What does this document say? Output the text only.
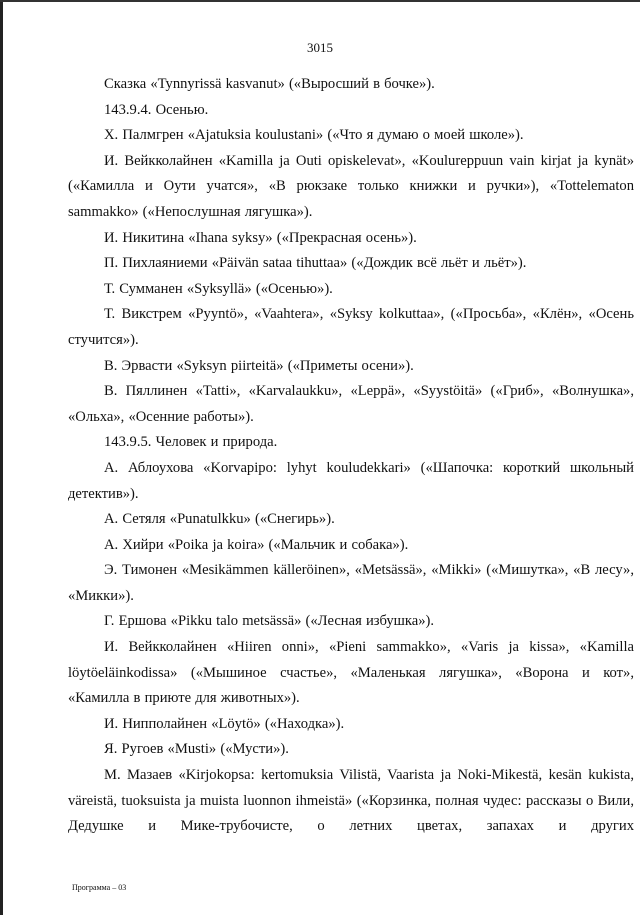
3015

Сказка «Tynnyrissä kasvanut» («Выросший в бочке»).

143.9.4. Осенью.

Х. Палмгрен «Ajatuksia koulustani» («Что я думаю о моей школе»).

И. Вейкколайнен «Kamilla ja Outi opiskelevat», «Koulureppuun vain kirjat ja kynät» («Камилла и Оути учатся», «В рюкзаке только книжки и ручки»), «Tottelematon sammakko» («Непослушная лягушка»).

И. Никитина «Ihana syksy» («Прекрасная осень»).

П. Пихлаяниеми «Päivän sataa tihuttaa» («Дождик всё льёт и льёт»).

Т. Сумманен «Syksyllä» («Осенью»).

Т. Викстрем «Pyyntö», «Vaahtera», «Syksy kolkuttaa», («Просьба», «Клён», «Осень стучится»).

В. Эрвасти «Syksyn piirteitä» («Приметы осени»).

В. Пяллинен «Tatti», «Karvalaukku», «Leppä», «Syystöitä» («Гриб», «Волнушка», «Ольха», «Осенние работы»).

143.9.5. Человек и природа.

А. Аблоухова «Korvapipo: lyhyt kouludekkari» («Шапочка: короткий школьный детектив»).

А. Сетяля «Punatulkku» («Снегирь»).

А. Хийри «Poika ja koira» («Мальчик и собака»).

Э. Тимонен «Mesikämmen källeröinen», «Metsässä», «Mikki» («Мишутка», «В лесу», «Микки»).

Г. Ершова «Pikku talo metsässä» («Лесная избушка»).

И. Вейкколайнен «Hiiren onni», «Pieni sammakko», «Varis ja kissa», «Kamilla löytöeläinkodissa» («Мышиное счастье», «Маленькая лягушка», «Ворона и кот», «Камилла в приюте для животных»).

И. Нипполайнен «Löytö» («Находка»).

Я. Ругоев «Musti» («Мусти»).

М. Мазаев «Kirjokopsa: kertomuksia Vilistä, Vaarista ja Noki-Mikestä, kesän kukista, väreistä, tuoksuista ja muista luonnon ihmeistä» («Корзинка, полная чудес: рассказы о Вили, Дедушке и Мике-трубочисте, о летних цветах, запахах и других

Программа – 03
